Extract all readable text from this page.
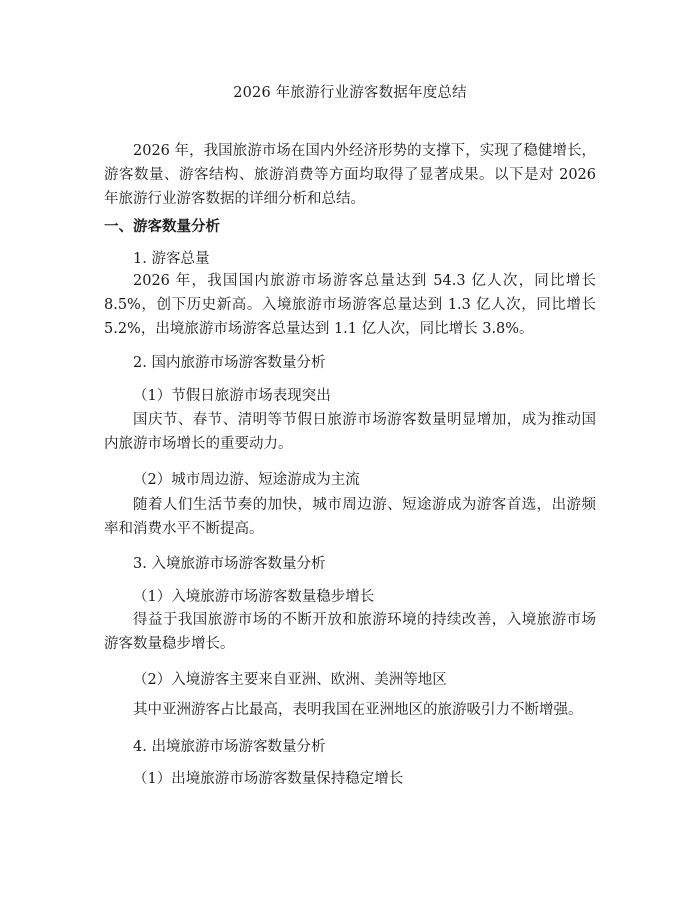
2026 年旅游行业游客数据年度总结
2026 年，我国旅游市场在国内外经济形势的支撑下，实现了稳健增长，游客数量、游客结构、旅游消费等方面均取得了显著成果。以下是对 2026 年旅游行业游客数据的详细分析和总结。
一、游客数量分析
1. 游客总量
2026 年，我国国内旅游市场游客总量达到 54.3 亿人次，同比增长 8.5%，创下历史新高。入境旅游市场游客总量达到 1.3 亿人次，同比增长 5.2%，出境旅游市场游客总量达到 1.1 亿人次，同比增长 3.8%。
2. 国内旅游市场游客数量分析
（1）节假日旅游市场表现突出
国庆节、春节、清明等节假日旅游市场游客数量明显增加，成为推动国内旅游市场增长的重要动力。
（2）城市周边游、短途游成为主流
随着人们生活节奏的加快，城市周边游、短途游成为游客首选，出游频率和消费水平不断提高。
3. 入境旅游市场游客数量分析
（1）入境旅游市场游客数量稳步增长
得益于我国旅游市场的不断开放和旅游环境的持续改善，入境旅游市场游客数量稳步增长。
（2）入境游客主要来自亚洲、欧洲、美洲等地区
其中亚洲游客占比最高，表明我国在亚洲地区的旅游吸引力不断增强。
4. 出境旅游市场游客数量分析
（1）出境旅游市场游客数量保持稳定增长
